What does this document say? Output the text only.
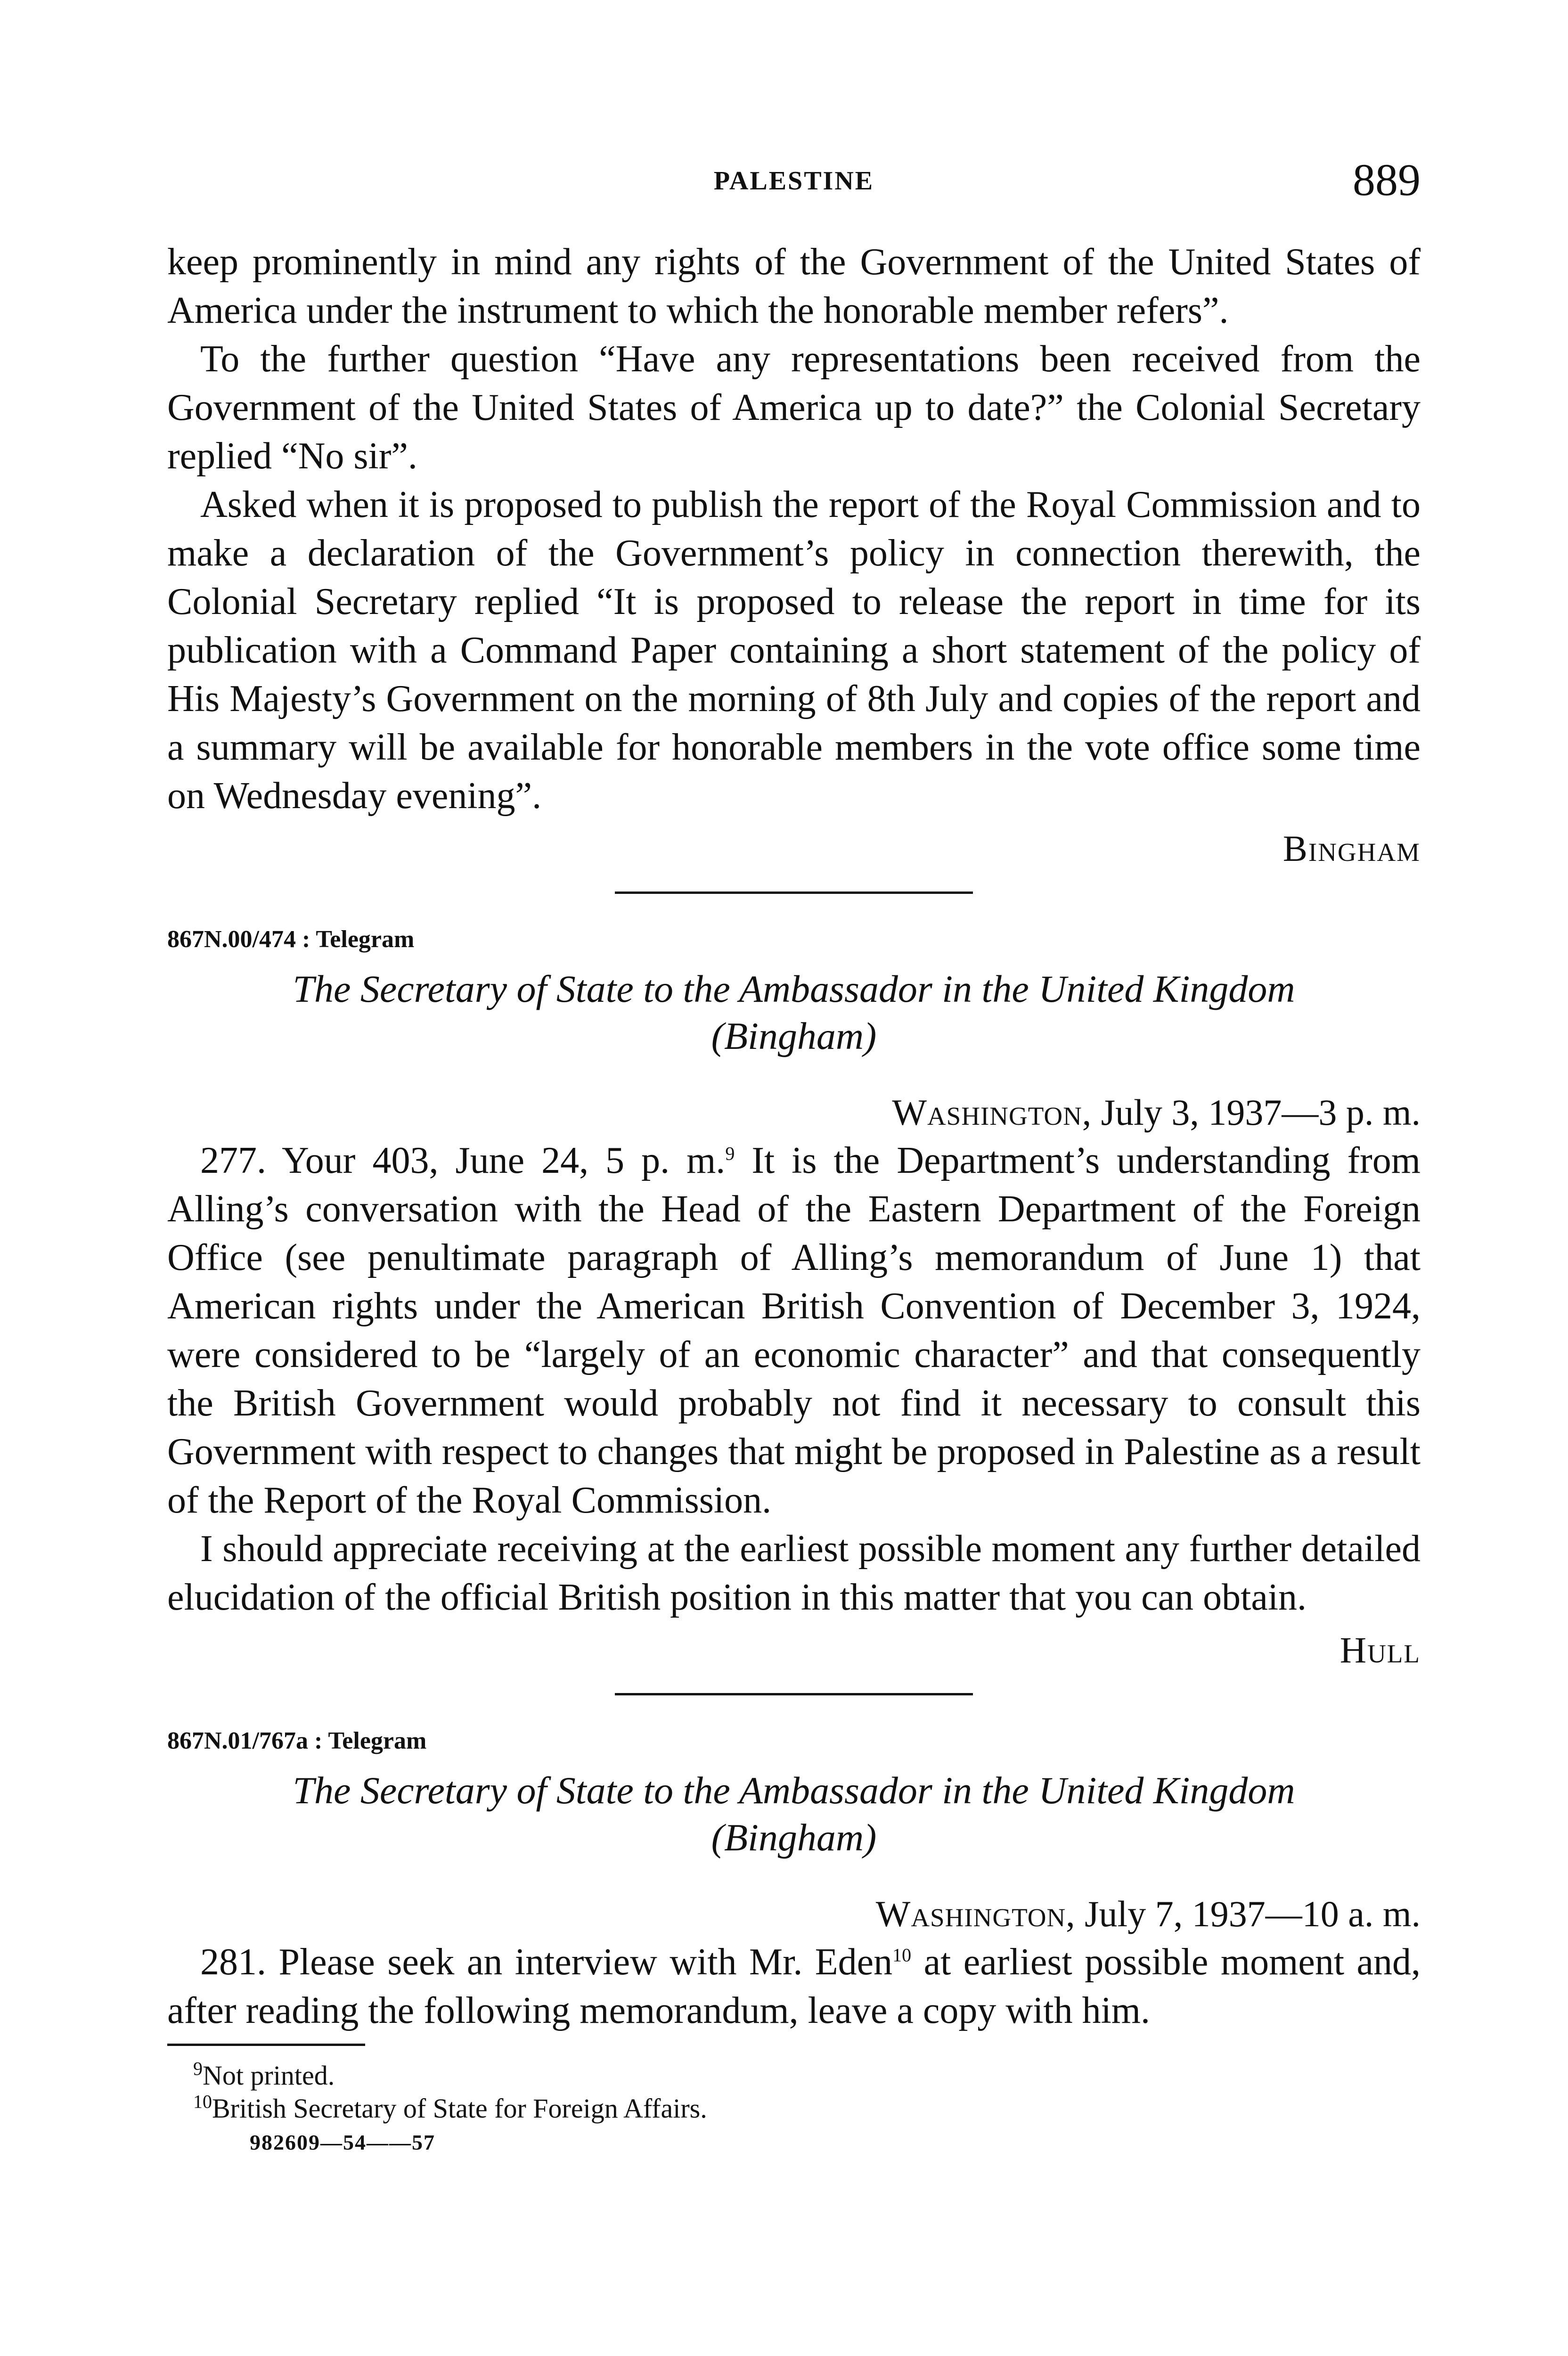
PALESTINE	889

keep prominently in mind any rights of the Government of the United States of America under the instrument to which the honorable member refers”.

To the further question “Have any representations been received from the Government of the United States of America up to date?” the Colonial Secretary replied “No sir”.

Asked when it is proposed to publish the report of the Royal Commission and to make a declaration of the Government’s policy in connection therewith, the Colonial Secretary replied “It is proposed to release the report in time for its publication with a Command Paper containing a short statement of the policy of His Majesty’s Government on the morning of 8th July and copies of the report and a summary will be available for honorable members in the vote office some time on Wednesday evening”.

Bingham

867N.00/474 : Telegram

The Secretary of State to the Ambassador in the United Kingdom

(Bingham)

Washington, July 3, 1937—3 p. m.

277. Your 403, June 24, 5 p. m.$^9$ It is the Department’s understanding from Alling’s conversation with the Head of the Eastern Department of the Foreign Office (see penultimate paragraph of Alling’s memorandum of June 1) that American rights under the American British Convention of December 3, 1924, were considered to be “largely of an economic character” and that consequently the British Government would probably not find it necessary to consult this Government with respect to changes that might be proposed in Palestine as a result of the Report of the Royal Commission.

I should appreciate receiving at the earliest possible moment any further detailed elucidation of the official British position in this matter that you can obtain.

Hull

867N.01/767a : Telegram

The Secretary of State to the Ambassador in the United Kingdom

(Bingham)

Washington, July 7, 1937—10 a. m.

281. Please seek an interview with Mr. Eden$^{10}$ at earliest possible moment and, after reading the following memorandum, leave a copy with him.

$^9$Not printed.

$^{10}$British Secretary of State for Foreign Affairs.

982609—54——57
